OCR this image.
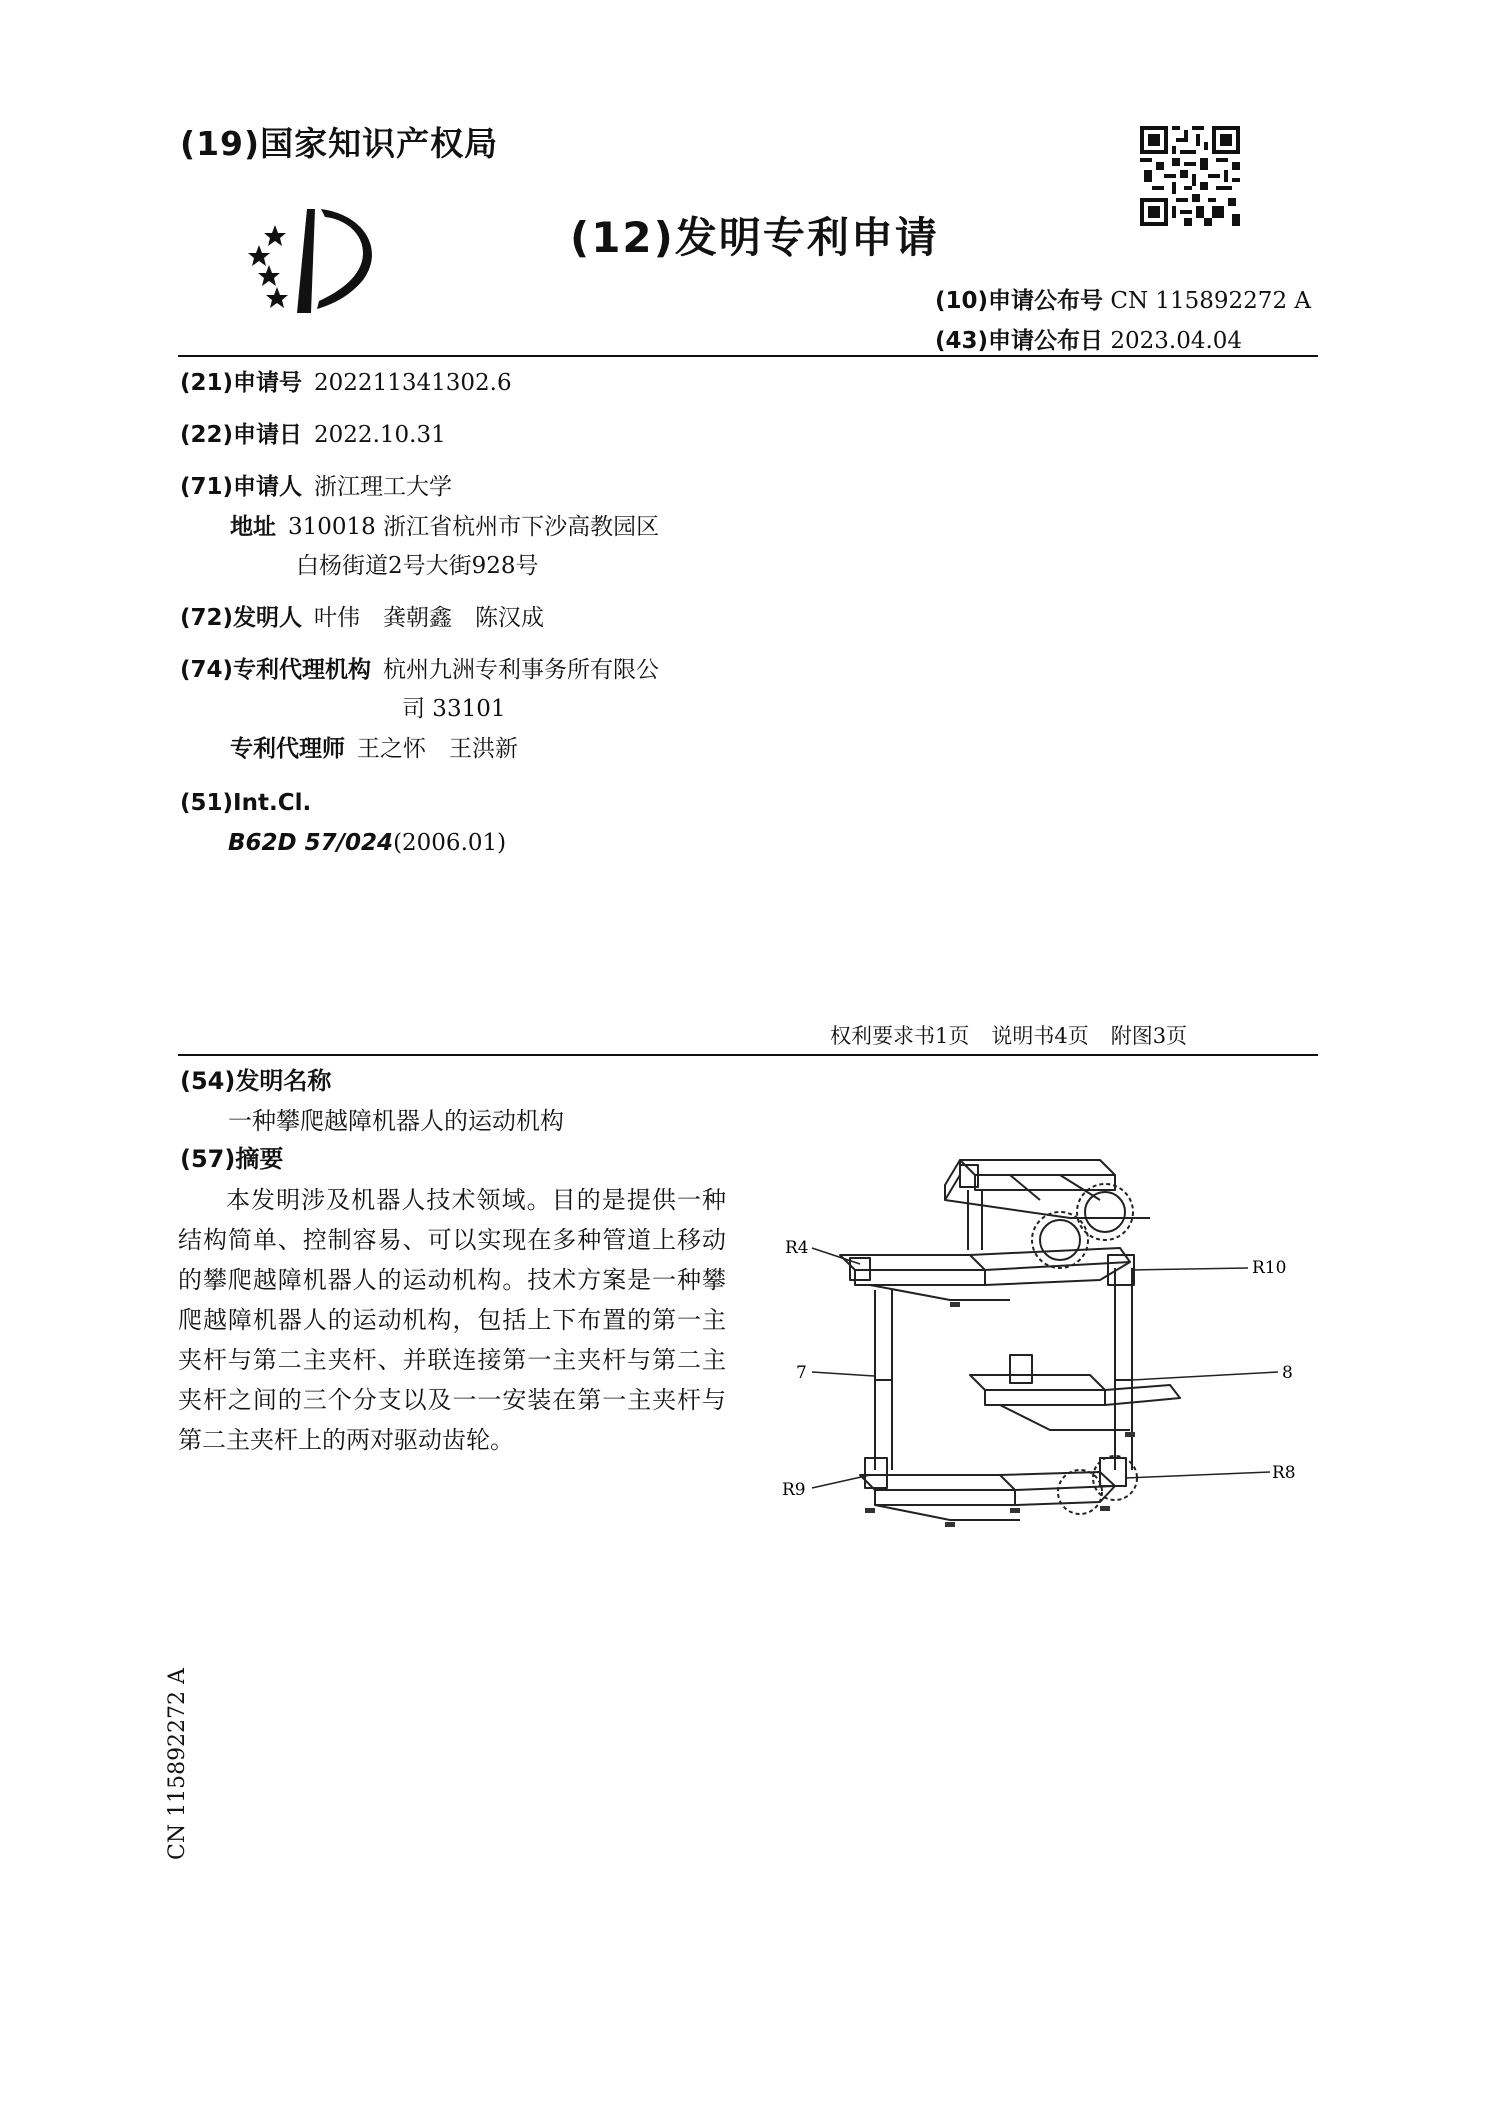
(19)国家知识产权局
(12)发明专利申请
(10)申请公布号 CN 115892272 A
(43)申请公布日 2023.04.04
(21)申请号 202211341302.6
(22)申请日 2022.10.31
(71)申请人 浙江理工大学
地址 310018 浙江省杭州市下沙高教园区
白杨街道2号大街928号
(72)发明人 叶伟　龚朝鑫　陈汉成
(74)专利代理机构 杭州九洲专利事务所有限公
司 33101
专利代理师 王之怀　王洪新
(51)Int.Cl.
B62D 57/024(2006.01)
权利要求书1页 说明书4页 附图3页
(54)发明名称
一种攀爬越障机器人的运动机构
(57)摘要
本发明涉及机器人技术领域。目的是提供一种结构简单、控制容易、可以实现在多种管道上移动的攀爬越障机器人的运动机构。技术方案是一种攀爬越障机器人的运动机构，包括上下布置的第一主夹杆与第二主夹杆、并联连接第一主夹杆与第二主夹杆之间的三个分支以及一一安装在第一主夹杆与第二主夹杆上的两对驱动齿轮。
R4
R10
7	8
R9
R8
CN 115892272 A
